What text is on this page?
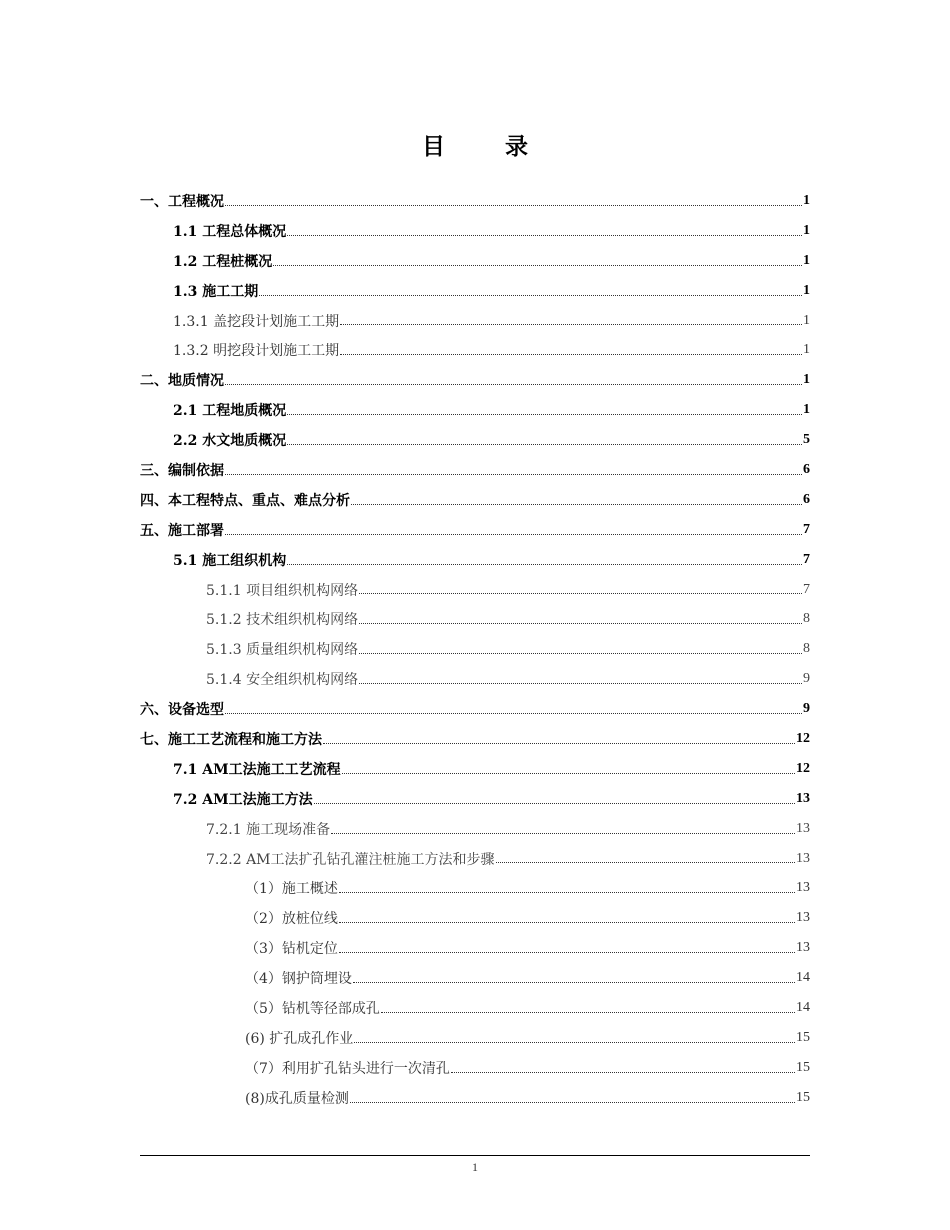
目 录
一、工程概况	1
1.1 工程总体概况	1
1.2 工程桩概况	1
1.3 施工工期	1
1.3.1 盖挖段计划施工工期	1
1.3.2 明挖段计划施工工期	1
二、地质情况	1
2.1 工程地质概况	1
2.2 水文地质概况	5
三、编制依据	6
四、本工程特点、重点、难点分析	6
五、施工部署	7
5.1 施工组织机构	7
5.1.1 项目组织机构网络	7
5.1.2 技术组织机构网络	8
5.1.3 质量组织机构网络	8
5.1.4 安全组织机构网络	9
六、设备选型	9
七、施工工艺流程和施工方法	12
7.1 AM工法施工工艺流程	12
7.2 AM工法施工方法	13
7.2.1 施工现场准备	13
7.2.2 AM工法扩孔钻孔灌注桩施工方法和步骤	13
（1）施工概述	13
（2）放桩位线	13
（3）钻机定位	13
（4）钢护筒埋设	14
（5）钻机等径部成孔	14
(6) 扩孔成孔作业	15
（7）利用扩孔钻头进行一次清孔	15
(8)成孔质量检测	15
1
